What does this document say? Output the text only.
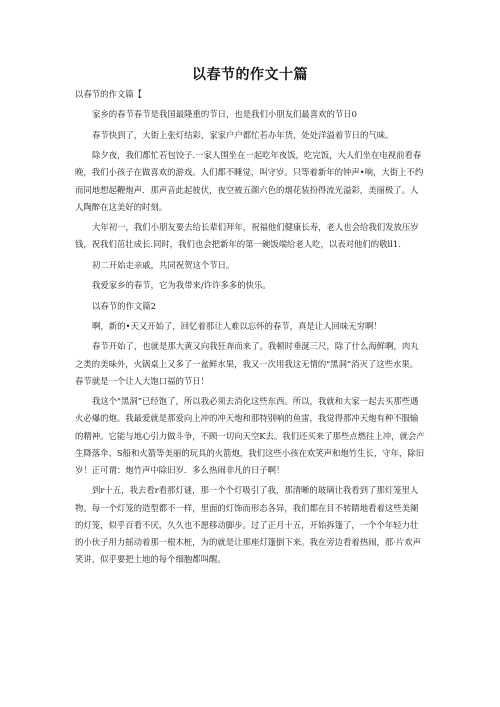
以春节的作文十篇

以春节的作文篇【

家乡的春节春节是我国最隆重的节日，也是我们小朋友们最喜欢的节日0

春节快到了，大街上张灯结彩，家家户户都忙若办年货，处处洋溢着节日的气味。

除夕夜，我们都忙若包饺子.一家人围坐在一起吃年夜饭，吃完饭，大人们坐在电视前看春晚，我们小孩子在做喜欢的游戏。人们都不睡觉，叫守岁。只等着新年的钟声•响，大街上不约而同地想起鞭炮声．那声音此起彼伏，夜空被五颜六色的烟花装扮得流光溢彩，美丽极了。人人陶醉在这美好的时刻。

大年初一，我们小朋友要去给长辈们拜年，祝福他们健康长寿，老人也会给我们发放压岁钱，祝我们茁壮成长.同时，我们也会把新年的第一碗饭端给老人吃，以表对他们的敬ll1.

初二开始走亲戚，共同祝贺这个节日。

我爱家乡的春节，它为我带来/许许多多的快乐。

以春节的作文篇2

啊，新的•天又开始了，回忆着那让人难以忘怀的春节，真是让人回味无穷啊！

春节开始了，也就是那大黄又向我狂奔而来了。我顿时垂涎三尺，除了什么海鲜啊，肉丸之类的美味外，火锅桌上又多了一盆鲜水果，我又一次用我这无情的"黑洞”消灭了这些水果。春节就是一个让人大饱口福的节日！

我这个"黑洞”已经饱了，所以我必须去消化这些东西。所以，我就和大家一起去买那些遇火必爆的炮。我最爱就是那爱向上冲的冲天炮和那特别响的鱼雷，我觉得那冲天炮有种不服输的精神。它能与地心引力做斗争，不顾一切向天空K去。我们还买来了那些点燃往上冲，就会产生降落伞、S船和火箭等美丽的玩具的火箭炮，我们这些小孩在欢笑声和炮竹生长，守年，除旧岁！正可谓：炮竹声中除旧岁．多么热闹非凡的日子啊！

到r十五，我去看r看那灯谜，那一个个灯吸引了我，那清晰的玻璃让我看到了那灯笼里人物。每一个灯笼的造型都不一样，里面的灯饰而形态各异，我们都在目不转睛地看着这些美阑的灯笼，似乎百看不厌，久久也不愿移动脚步。过了正月十五，开始拆篷了，一个个年轻力壮的小伙子用力摇动着那一根木桩，为的就是让那座灯篷倒下来。我在旁边看着热闹，那·片欢声笑讲，似乎要把土地的每个细胞都叫醒。
